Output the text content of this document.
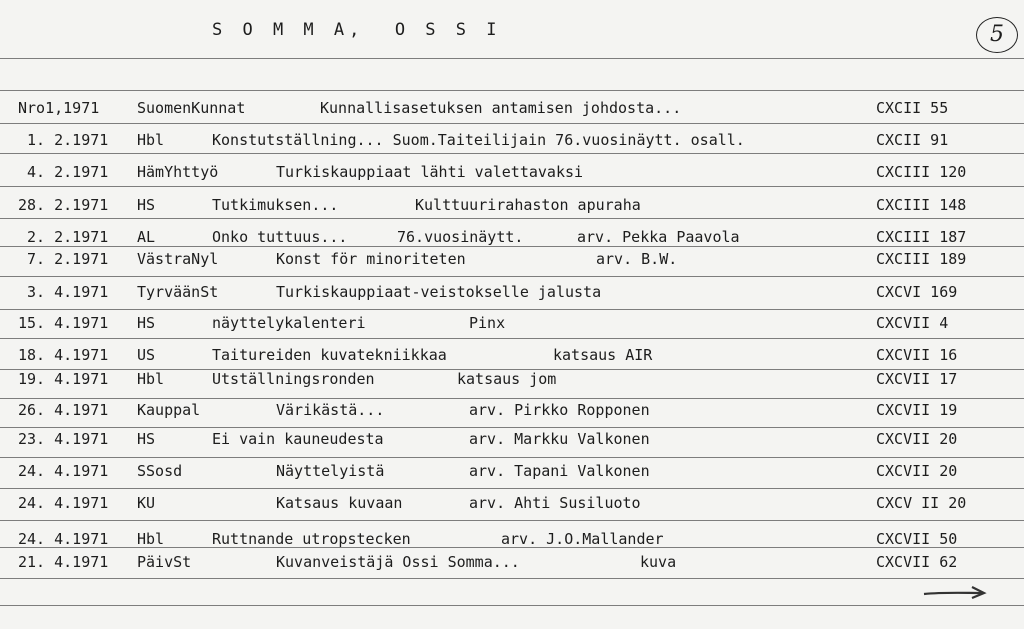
S O M M A,  O S S I	5
Nro1,1971	SuomenKunnat	Kunnallisasetuksen antamisen johdosta...	CXCII 55
1. 2.1971 Hbl	Konstutställning... Suom.Taiteilijain 76.vuosinäytt. osall.	CXCII 91
4. 2.1971 HämYhttyö	Turkiskauppiaat lähti valettavaksi	CXCIII 120
28. 2.1971 HS	Tutkimuksen...	Kulttuurirahaston apuraha	CXCIII 148
2. 2.1971 AL	Onko tuttuus...	76.vuosinäytt.	arv. Pekka Paavola	CXCIII 187
7. 2.1971 VästraNyl	Konst för minoriteten	arv. B.W.	CXCIII 189
3. 4.1971 TyrväänSt	Turkiskauppiaat-veistokselle jalusta	CXCVI 169
15. 4.1971 HS	näyttelykalenteri	Pinx	CXCVII 4
18. 4.1971 US	Taitureiden kuvatekniikkaa	katsaus AIR	CXCVII 16
19. 4.1971 Hbl	Utställningsronden	katsaus jom	CXCVII 17
26. 4.1971 Kauppal	Värikästä...	arv. Pirkko Ropponen	CXCVII 19
23. 4.1971 HS	Ei vain kauneudesta	arv. Markku Valkonen	CXCVII 20
24. 4.1971 SSosd	Näyttelyistä	arv. Tapani Valkonen	CXCVII 20
24. 4.1971 KU	Katsaus kuvaan	arv. Ahti Susiluoto	CXCV II 20
24. 4.1971 Hbl	Ruttnande utropstecken	arv. J.O.Mallander	CXCVII 50
21. 4.1971 PäivSt	Kuvanveistäjä Ossi Somma...	kuva	CXCVII 62
